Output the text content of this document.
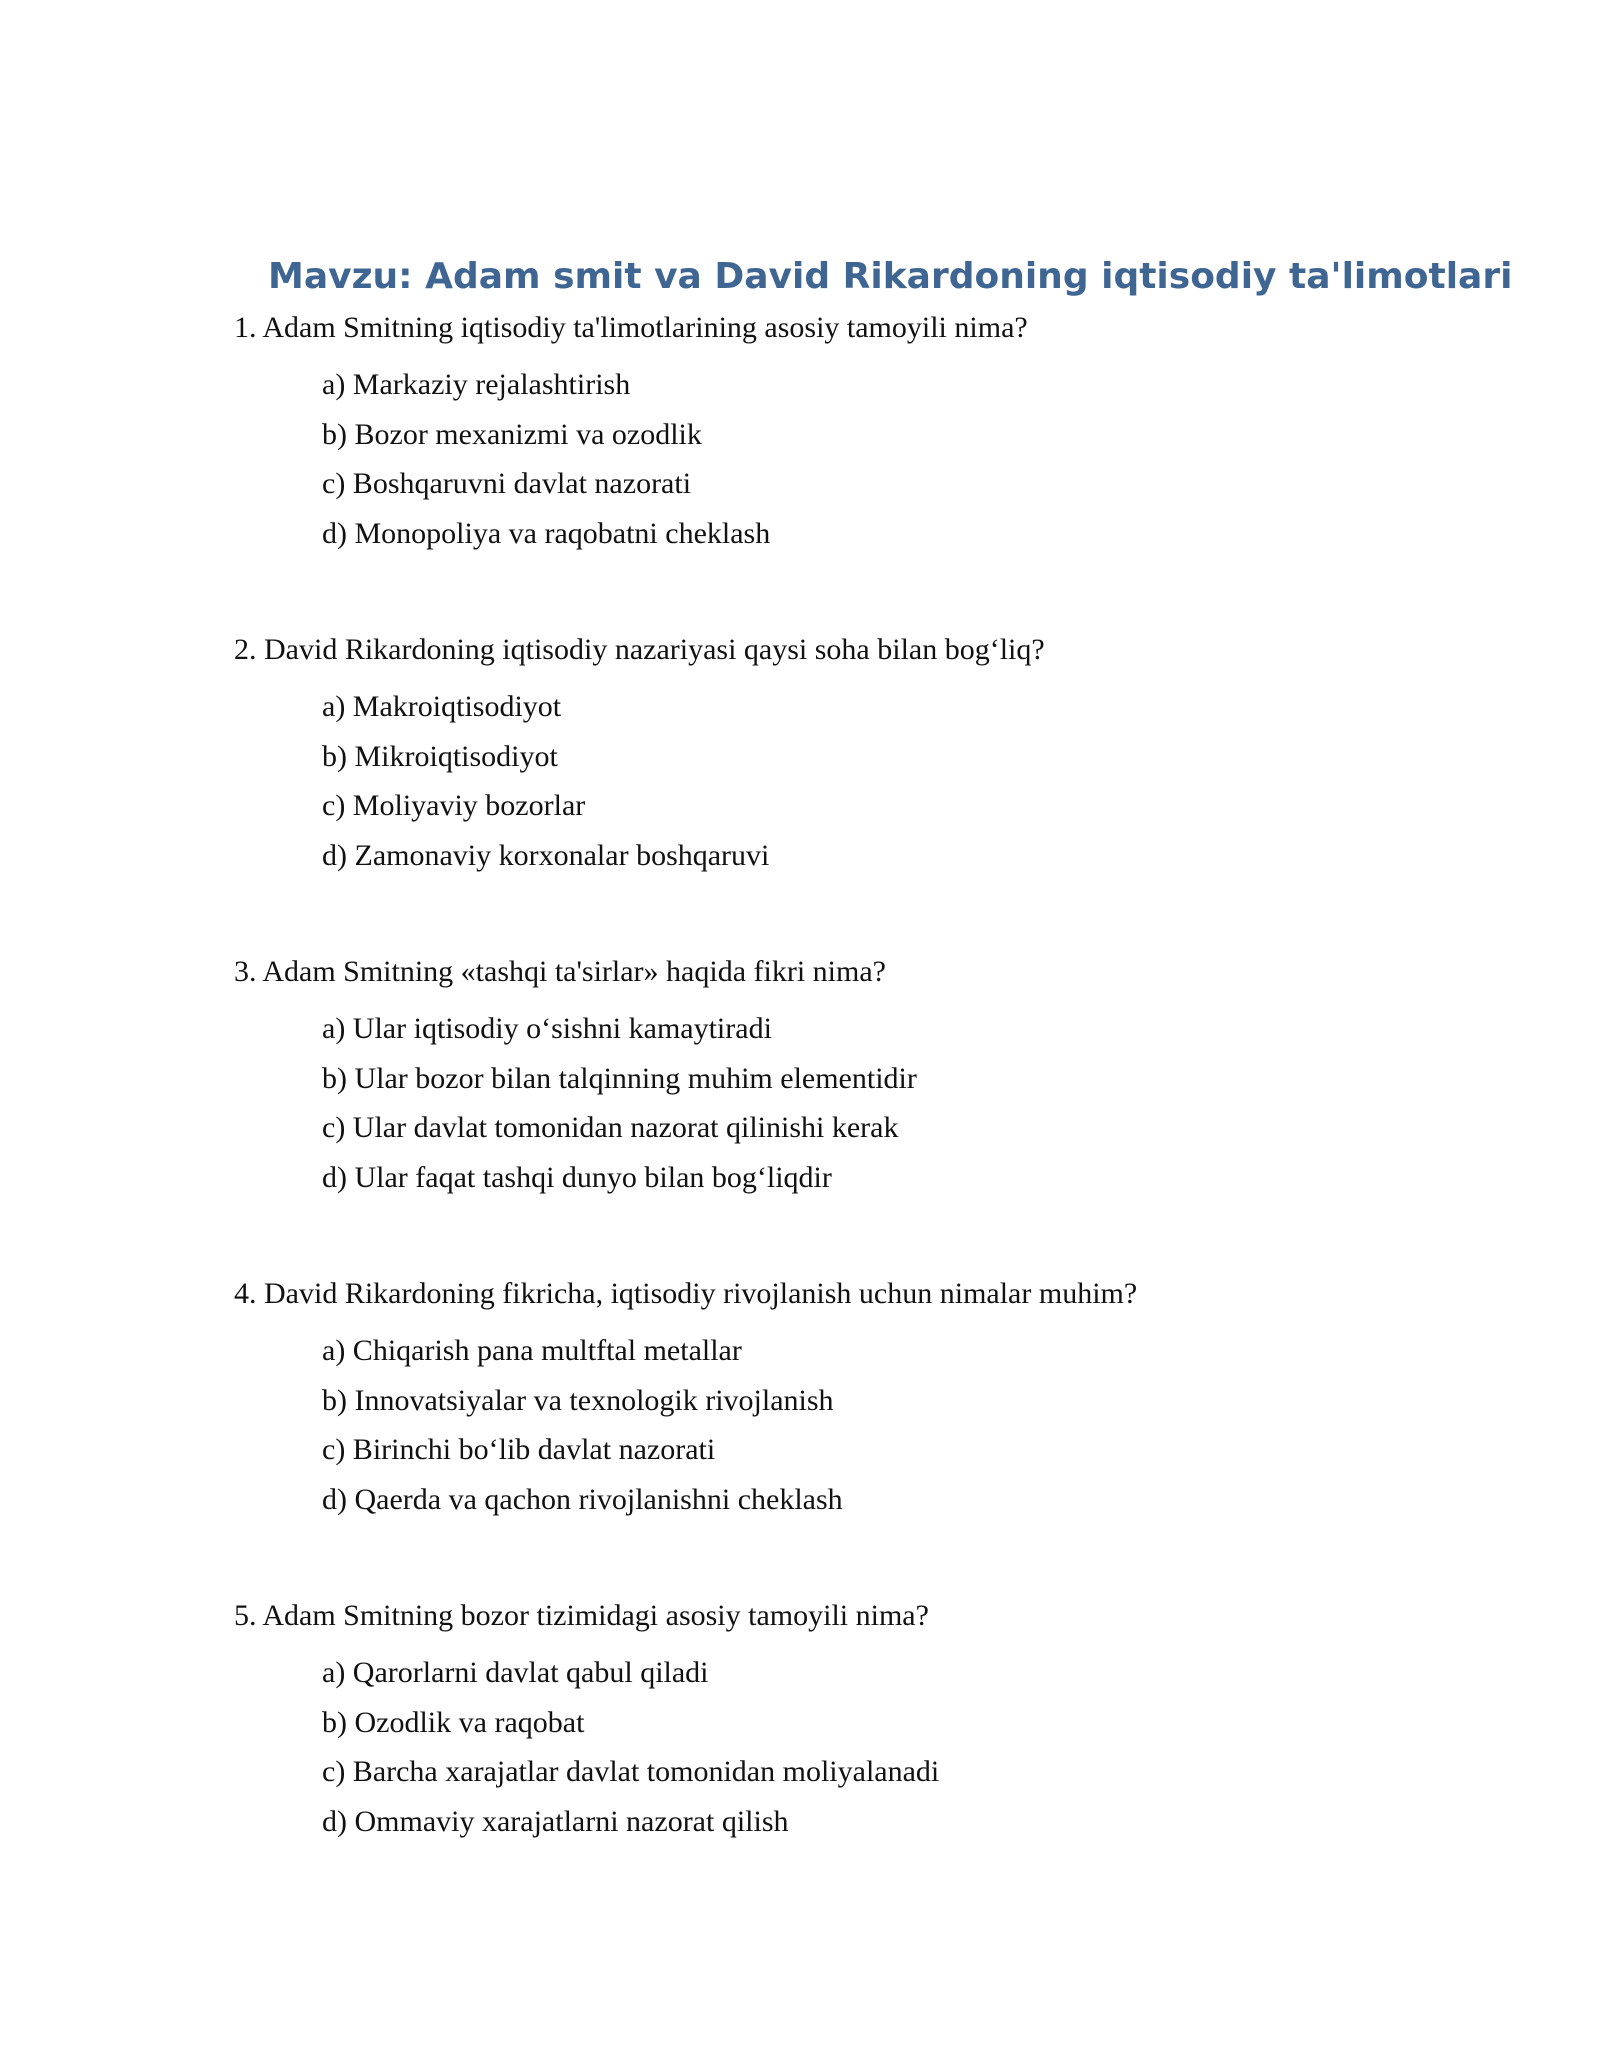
Mavzu: Adam smit va David Rikardoning iqtisodiy ta'limotlari
1. Adam Smitning iqtisodiy ta'limotlarining asosiy tamoyili nima?
a) Markaziy rejalashtirish
b) Bozor mexanizmi va ozodlik
c) Boshqaruvni davlat nazorati
d) Monopoliya va raqobatni cheklash
2. David Rikardoning iqtisodiy nazariyasi qaysi soha bilan bog‘liq?
a) Makroiqtisodiyot
b) Mikroiqtisodiyot
c) Moliyaviy bozorlar
d) Zamonaviy korxonalar boshqaruvi
3. Adam Smitning «tashqi ta'sirlar» haqida fikri nima?
a) Ular iqtisodiy o‘sishni kamaytiradi
b) Ular bozor bilan talqinning muhim elementidir
c) Ular davlat tomonidan nazorat qilinishi kerak
d) Ular faqat tashqi dunyo bilan bog‘liqdir
4. David Rikardoning fikricha, iqtisodiy rivojlanish uchun nimalar muhim?
a) Chiqarish pana multftal metallar
b) Innovatsiyalar va texnologik rivojlanish
c) Birinchi bo‘lib davlat nazorati
d) Qaerda va qachon rivojlanishni cheklash
5. Adam Smitning bozor tizimidagi asosiy tamoyili nima?
a) Qarorlarni davlat qabul qiladi
b) Ozodlik va raqobat
c) Barcha xarajatlar davlat tomonidan moliyalanadi
d) Ommaviy xarajatlarni nazorat qilish
